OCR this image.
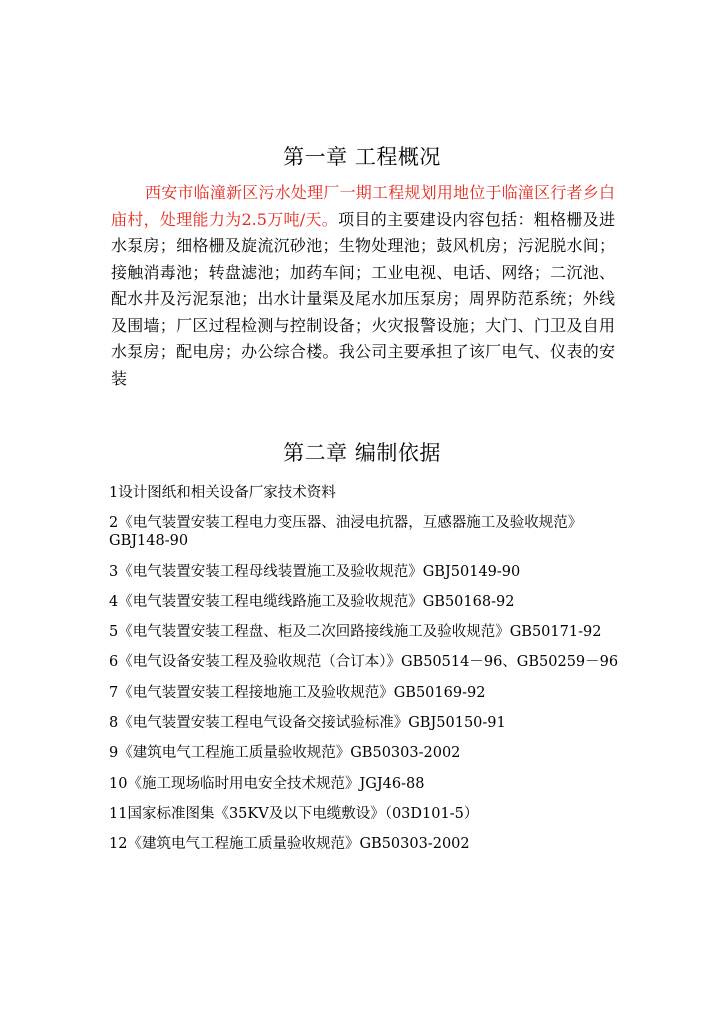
第一章 工程概况

西安市临潼新区污水处理厂一期工程规划用地位于临潼区行者乡白庙村，处理能力为2.5万吨/天。项目的主要建设内容包括：粗格栅及进水泵房；细格栅及旋流沉砂池；生物处理池；鼓风机房；污泥脱水间；接触消毒池；转盘滤池；加药车间；工业电视、电话、网络；二沉池、配水井及污泥泵池；出水计量渠及尾水加压泵房；周界防范系统；外线及围墙；厂区过程检测与控制设备；火灾报警设施；大门、门卫及自用水泵房；配电房；办公综合楼。我公司主要承担了该厂电气、仪表的安装

第二章 编制依据
1设计图纸和相关设备厂家技术资料
2《电气装置安装工程电力变压器、油浸电抗器，互感器施工及验收规范》GBJ148-90
3《电气装置安装工程母线装置施工及验收规范》GBJ50149-90
4《电气装置安装工程电缆线路施工及验收规范》GB50168-92
5《电气装置安装工程盘、柜及二次回路接线施工及验收规范》GB50171-92
6《电气设备安装工程及验收规范（合订本）》GB50514－96、GB50259－96
7《电气装置安装工程接地施工及验收规范》GB50169-92
8《电气装置安装工程电气设备交接试验标准》GBJ50150-91
9《建筑电气工程施工质量验收规范》GB50303-2002
10《施工现场临时用电安全技术规范》JGJ46-88
11国家标准图集《35KV及以下电缆敷设》（03D101-5）
12《建筑电气工程施工质量验收规范》GB50303-2002
